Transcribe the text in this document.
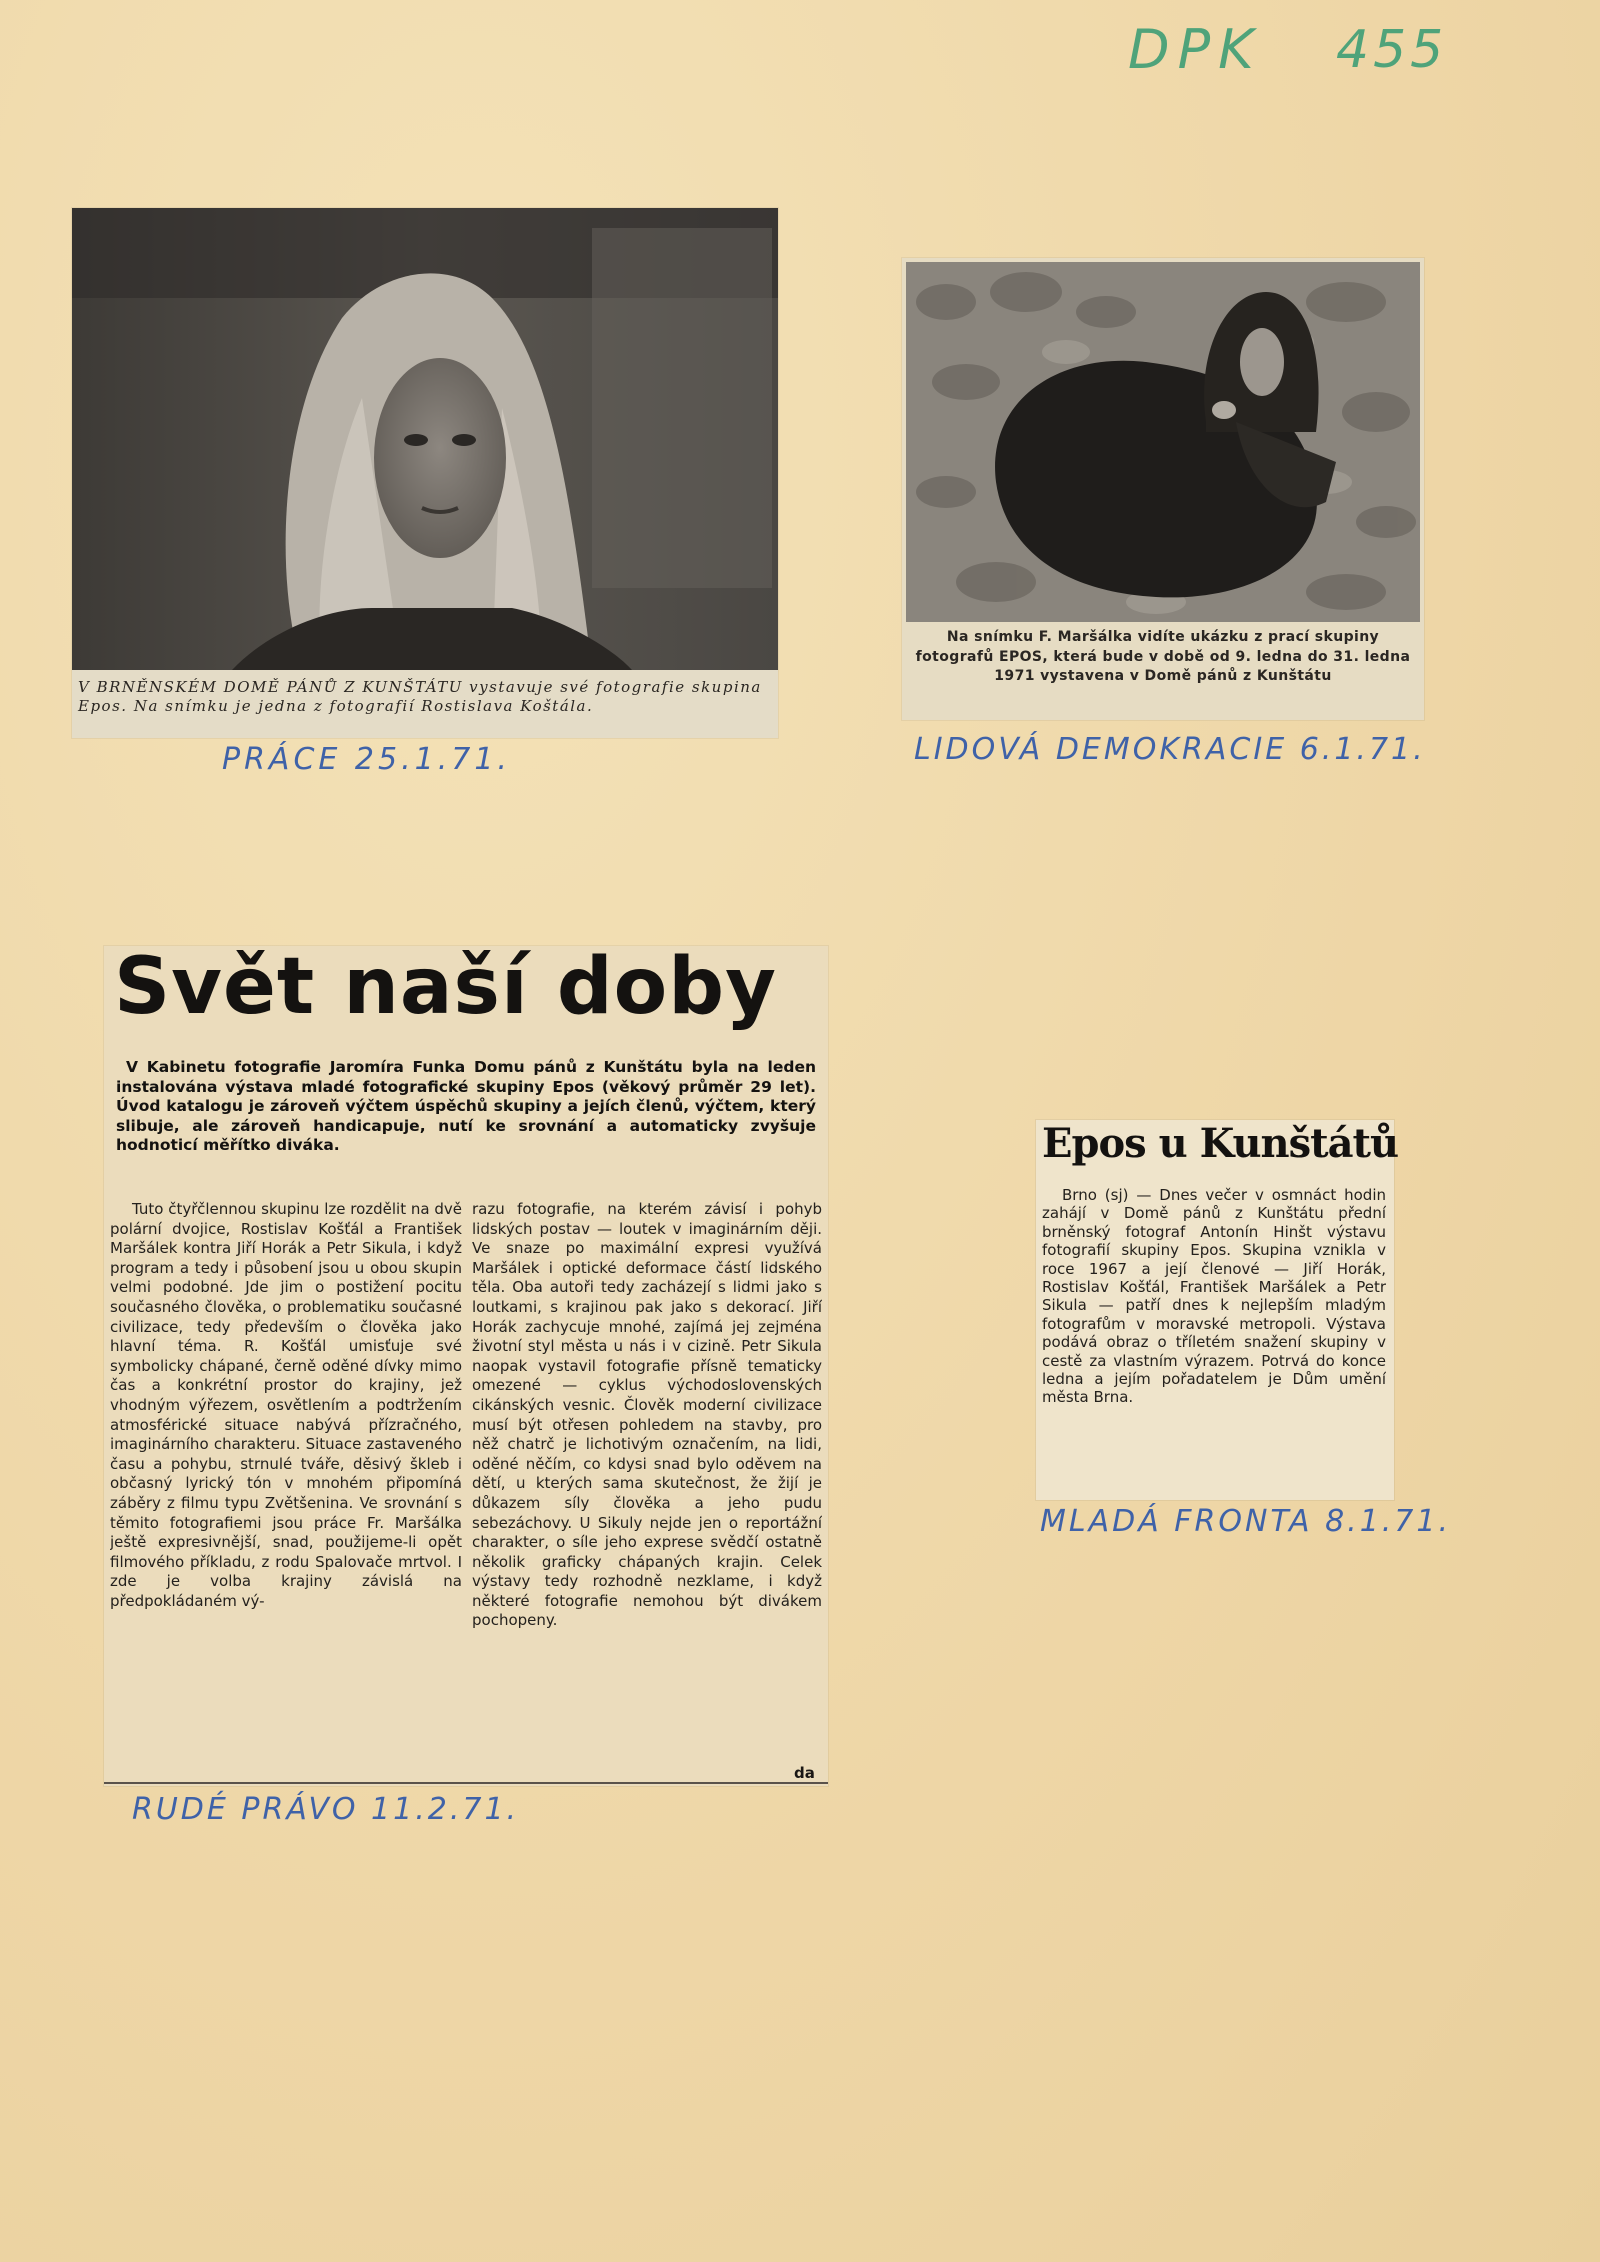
DPK 455
V BRNĚNSKÉM DOMĚ PÁNŮ Z KUNŠTÁTU vystavuje své fotografie skupina Epos. Na snímku je jedna z fotografií Rostislava Koštála.
PRÁCE 25.1.71.
Na snímku F. Maršálka vidíte ukázku z prací skupiny fotografů EPOS, která bude v době od 9. ledna do 31. ledna 1971 vystavena v Domě pánů z Kunštátu
LIDOVÁ DEMOKRACIE 6.1.71.
Svět naší doby
V Kabinetu fotografie Jaromíra Funka Domu pánů z Kunštátu byla na leden instalována výstava mladé fotografické skupiny Epos (věkový průměr 29 let). Úvod katalogu je zároveň výčtem úspěchů skupiny a jejích členů, výčtem, který slibuje, ale zároveň handicapuje, nutí ke srovnání a automaticky zvyšuje hodnoticí měřítko diváka.
Tuto čtyřčlennou skupinu lze rozdělit na dvě polární dvojice, Rostislav Košťál a František Maršálek kontra Jiří Horák a Petr Sikula, i když program a tedy i působení jsou u obou skupin velmi podobné. Jde jim o postižení pocitu současného člověka, o problematiku současné civilizace, tedy především o člověka jako hlavní téma. R. Košťál umisťuje své symbolicky chápané, černě oděné dívky mimo čas a konkrétní prostor do krajiny, jež vhodným výřezem, osvětlením a podtržením atmosférické situace nabývá přízračného, imaginárního charakteru. Situace zastaveného času a pohybu, strnulé tváře, děsivý škleb i občasný lyrický tón v mnohém připomíná záběry z filmu typu Zvětšenina. Ve srovnání s těmito fotografiemi jsou práce Fr. Maršálka ještě expresivnější, snad, použijeme-li opět filmového příkladu, z rodu Spalovače mrtvol. I zde je volba krajiny závislá na předpokládaném vý-
razu fotografie, na kterém závisí i pohyb lidských postav — loutek v imaginárním ději. Ve snaze po maximální expresi využívá Maršálek i optické deformace částí lidského těla. Oba autoři tedy zacházejí s lidmi jako s loutkami, s krajinou pak jako s dekorací. Jiří Horák zachycuje mnohé, zajímá jej zejména životní styl města u nás i v cizině. Petr Sikula naopak vystavil fotografie přísně tematicky omezené — cyklus východoslovenských cikánských vesnic. Člověk moderní civilizace musí být otřesen pohledem na stavby, pro něž chatrč je lichotivým označením, na lidi, oděné něčím, co kdysi snad bylo oděvem na dětí, u kterých sama skutečnost, že žijí je důkazem síly člověka a jeho pudu sebezáchovy. U Sikuly nejde jen o reportážní charakter, o síle jeho exprese svědčí ostatně několik graficky chápaných krajin. Celek výstavy tedy rozhodně nezklame, i když některé fotografie nemohou být divákem pochopeny.
da
RUDÉ PRÁVO 11.2.71.
Epos u Kunštátů
Brno (sj) — Dnes večer v osmnáct hodin zahájí v Domě pánů z Kunštátu přední brněnský fotograf Antonín Hinšt výstavu fotografií skupiny Epos. Skupina vznikla v roce 1967 a její členové — Jiří Horák, Rostislav Košťál, František Maršálek a Petr Sikula — patří dnes k nejlepším mladým fotografům v moravské metropoli. Výstava podává obraz o tříletém snažení skupiny v cestě za vlastním výrazem. Potrvá do konce ledna a jejím pořadatelem je Dům umění města Brna.
MLADÁ FRONTA 8.1.71.
